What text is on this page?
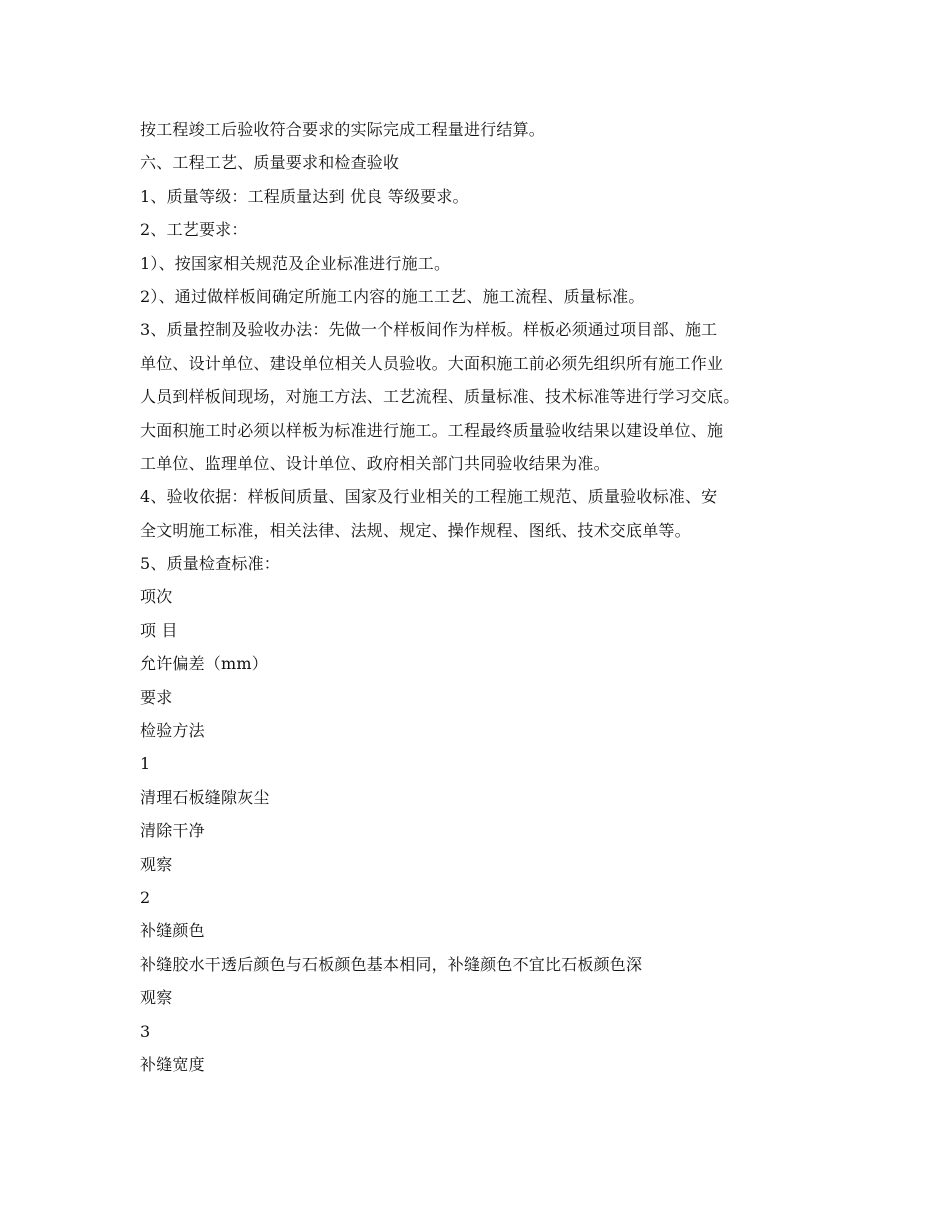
按工程竣工后验收符合要求的实际完成工程量进行结算。
六、工程工艺、质量要求和检查验收
1、质量等级：工程质量达到 优良 等级要求。
2、工艺要求：
1）、按国家相关规范及企业标准进行施工。
2）、通过做样板间确定所施工内容的施工工艺、施工流程、质量标准。
3、质量控制及验收办法：先做一个样板间作为样板。样板必须通过项目部、施工
单位、设计单位、建设单位相关人员验收。大面积施工前必须先组织所有施工作业
人员到样板间现场，对施工方法、工艺流程、质量标准、技术标准等进行学习交底。
大面积施工时必须以样板为标准进行施工。工程最终质量验收结果以建设单位、施
工单位、监理单位、设计单位、政府相关部门共同验收结果为准。
4、验收依据：样板间质量、国家及行业相关的工程施工规范、质量验收标准、安
全文明施工标准，相关法律、法规、规定、操作规程、图纸、技术交底单等。
5、质量检查标准：
项次
项 目
允许偏差（mm）
要求
检验方法
1
清理石板缝隙灰尘
清除干净
观察
2
补缝颜色
补缝胶水干透后颜色与石板颜色基本相同，补缝颜色不宜比石板颜色深
观察
3
补缝宽度
